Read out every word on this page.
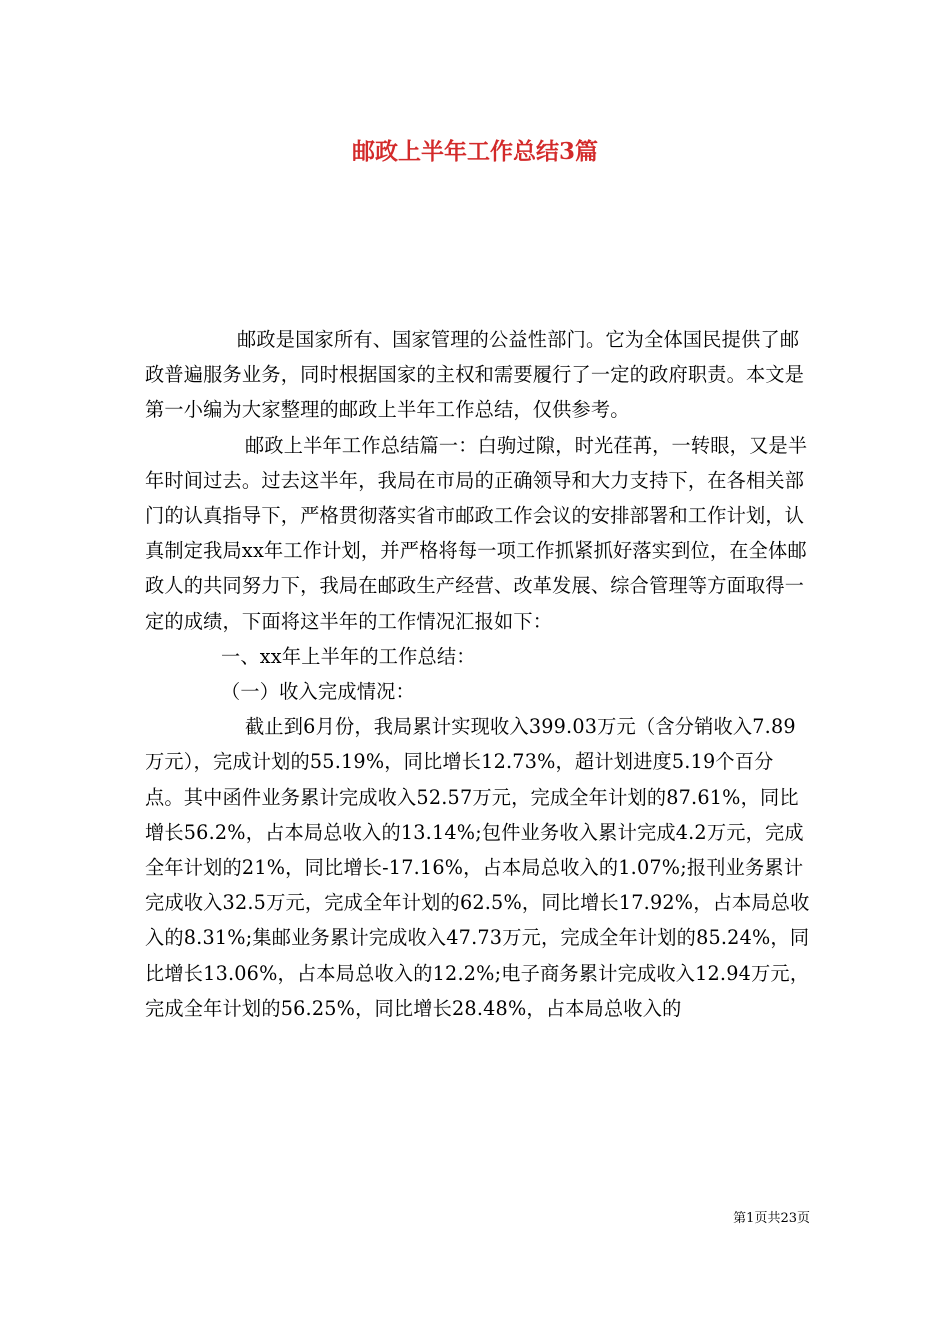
邮政上半年工作总结3篇

邮政是国家所有、国家管理的公益性部门。它为全体国民提供了邮政普遍服务业务，同时根据国家的主权和需要履行了一定的政府职责。本文是第一小编为大家整理的邮政上半年工作总结，仅供参考。

邮政上半年工作总结篇一：白驹过隙，时光荏苒，一转眼，又是半年时间过去。过去这半年，我局在市局的正确领导和大力支持下，在各相关部门的认真指导下，严格贯彻落实省市邮政工作会议的安排部署和工作计划，认真制定我局xx年工作计划，并严格将每一项工作抓紧抓好落实到位，在全体邮政人的共同努力下，我局在邮政生产经营、改革发展、综合管理等方面取得一定的成绩，下面将这半年的工作情况汇报如下：

一、xx年上半年的工作总结：

（一）收入完成情况：

截止到6月份，我局累计实现收入399.03万元（含分销收入7.89万元），完成计划的55.19%，同比增长12.73%，超计划进度5.19个百分点。其中函件业务累计完成收入52.57万元，完成全年计划的87.61%，同比增长56.2%，占本局总收入的13.14%;包件业务收入累计完成4.2万元，完成全年计划的21%，同比增长-17.16%，占本局总收入的1.07%;报刊业务累计完成收入32.5万元，完成全年计划的62.5%，同比增长17.92%，占本局总收入的8.31%;集邮业务累计完成收入47.73万元，完成全年计划的85.24%，同比增长13.06%，占本局总收入的12.2%;电子商务累计完成收入12.94万元，完成全年计划的56.25%，同比增长28.48%，占本局总收入的

第1页共23页
